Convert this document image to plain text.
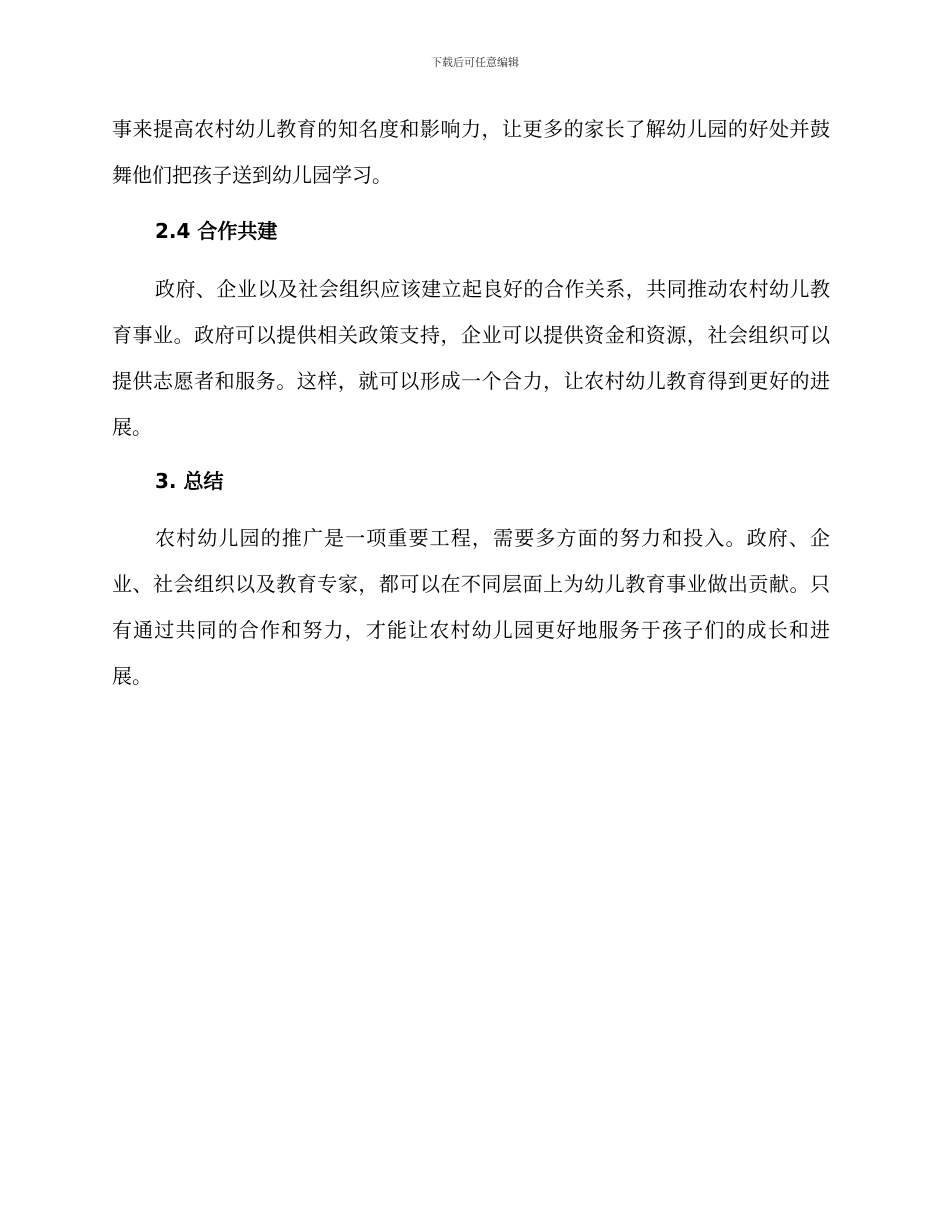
下载后可任意编辑

事来提高农村幼儿教育的知名度和影响力，让更多的家长了解幼儿园的好处并鼓舞他们把孩子送到幼儿园学习。

2.4 合作共建

政府、企业以及社会组织应该建立起良好的合作关系，共同推动农村幼儿教育事业。政府可以提供相关政策支持，企业可以提供资金和资源，社会组织可以提供志愿者和服务。这样，就可以形成一个合力，让农村幼儿教育得到更好的进展。

3. 总结

农村幼儿园的推广是一项重要工程，需要多方面的努力和投入。政府、企业、社会组织以及教育专家，都可以在不同层面上为幼儿教育事业做出贡献。只有通过共同的合作和努力，才能让农村幼儿园更好地服务于孩子们的成长和进展。
